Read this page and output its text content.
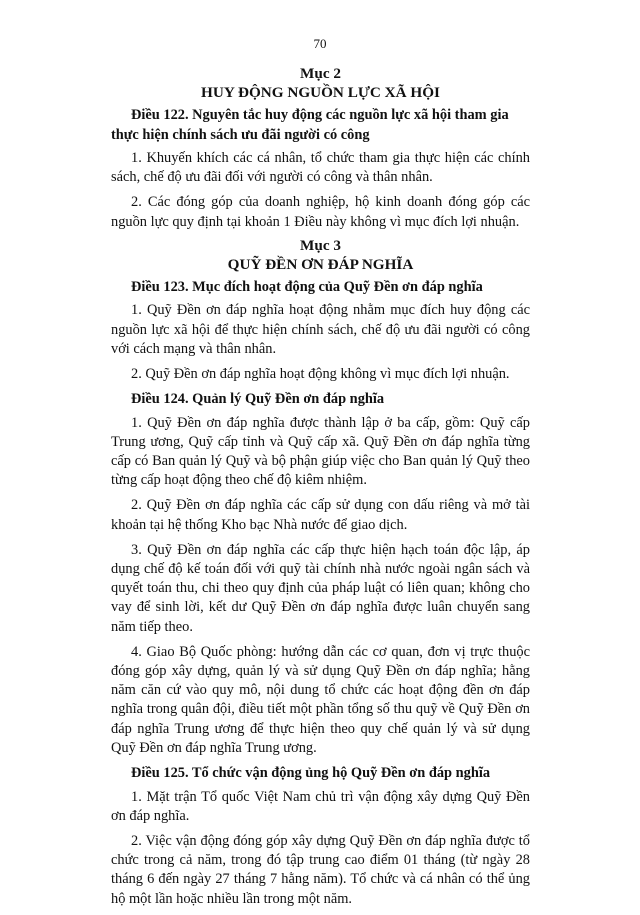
70
Mục 2
HUY ĐỘNG NGUỒN LỰC XÃ HỘI

Điều 122. Nguyên tắc huy động các nguồn lực xã hội tham gia thực hiện chính sách ưu đãi người có công

1. Khuyến khích các cá nhân, tổ chức tham gia thực hiện các chính sách, chế độ ưu đãi đối với người có công và thân nhân.

2. Các đóng góp của doanh nghiệp, hộ kinh doanh đóng góp các nguồn lực quy định tại khoản 1 Điều này không vì mục đích lợi nhuận.

Mục 3
QUỸ ĐỀN ƠN ĐÁP NGHĨA

Điều 123. Mục đích hoạt động của Quỹ Đền ơn đáp nghĩa

1. Quỹ Đền ơn đáp nghĩa hoạt động nhằm mục đích huy động các nguồn lực xã hội để thực hiện chính sách, chế độ ưu đãi người có công với cách mạng và thân nhân.

2. Quỹ Đền ơn đáp nghĩa hoạt động không vì mục đích lợi nhuận.

Điều 124. Quản lý Quỹ Đền ơn đáp nghĩa

1. Quỹ Đền ơn đáp nghĩa được thành lập ở ba cấp, gồm: Quỹ cấp Trung ương, Quỹ cấp tỉnh và Quỹ cấp xã. Quỹ Đền ơn đáp nghĩa từng cấp có Ban quản lý Quỹ và bộ phận giúp việc cho Ban quản lý Quỹ theo từng cấp hoạt động theo chế độ kiêm nhiệm.

2. Quỹ Đền ơn đáp nghĩa các cấp sử dụng con dấu riêng và mở tài khoản tại hệ thống Kho bạc Nhà nước để giao dịch.

3. Quỹ Đền ơn đáp nghĩa các cấp thực hiện hạch toán độc lập, áp dụng chế độ kế toán đối với quỹ tài chính nhà nước ngoài ngân sách và quyết toán thu, chi theo quy định của pháp luật có liên quan; không cho vay để sinh lời, kết dư Quỹ Đền ơn đáp nghĩa được luân chuyển sang năm tiếp theo.

4. Giao Bộ Quốc phòng: hướng dẫn các cơ quan, đơn vị trực thuộc đóng góp xây dựng, quản lý và sử dụng Quỹ Đền ơn đáp nghĩa; hằng năm căn cứ vào quy mô, nội dung tổ chức các hoạt động đền ơn đáp nghĩa trong quân đội, điều tiết một phần tổng số thu quỹ về Quỹ Đền ơn đáp nghĩa Trung ương để thực hiện theo quy chế quản lý và sử dụng Quỹ Đền ơn đáp nghĩa Trung ương.

Điều 125. Tổ chức vận động ủng hộ Quỹ Đền ơn đáp nghĩa

1. Mặt trận Tổ quốc Việt Nam chủ trì vận động xây dựng Quỹ Đền ơn đáp nghĩa.

2. Việc vận động đóng góp xây dựng Quỹ Đền ơn đáp nghĩa được tổ chức trong cả năm, trong đó tập trung cao điểm 01 tháng (từ ngày 28 tháng 6 đến ngày 27 tháng 7 hằng năm). Tổ chức và cá nhân có thể ủng hộ một lần hoặc nhiều lần trong một năm.
